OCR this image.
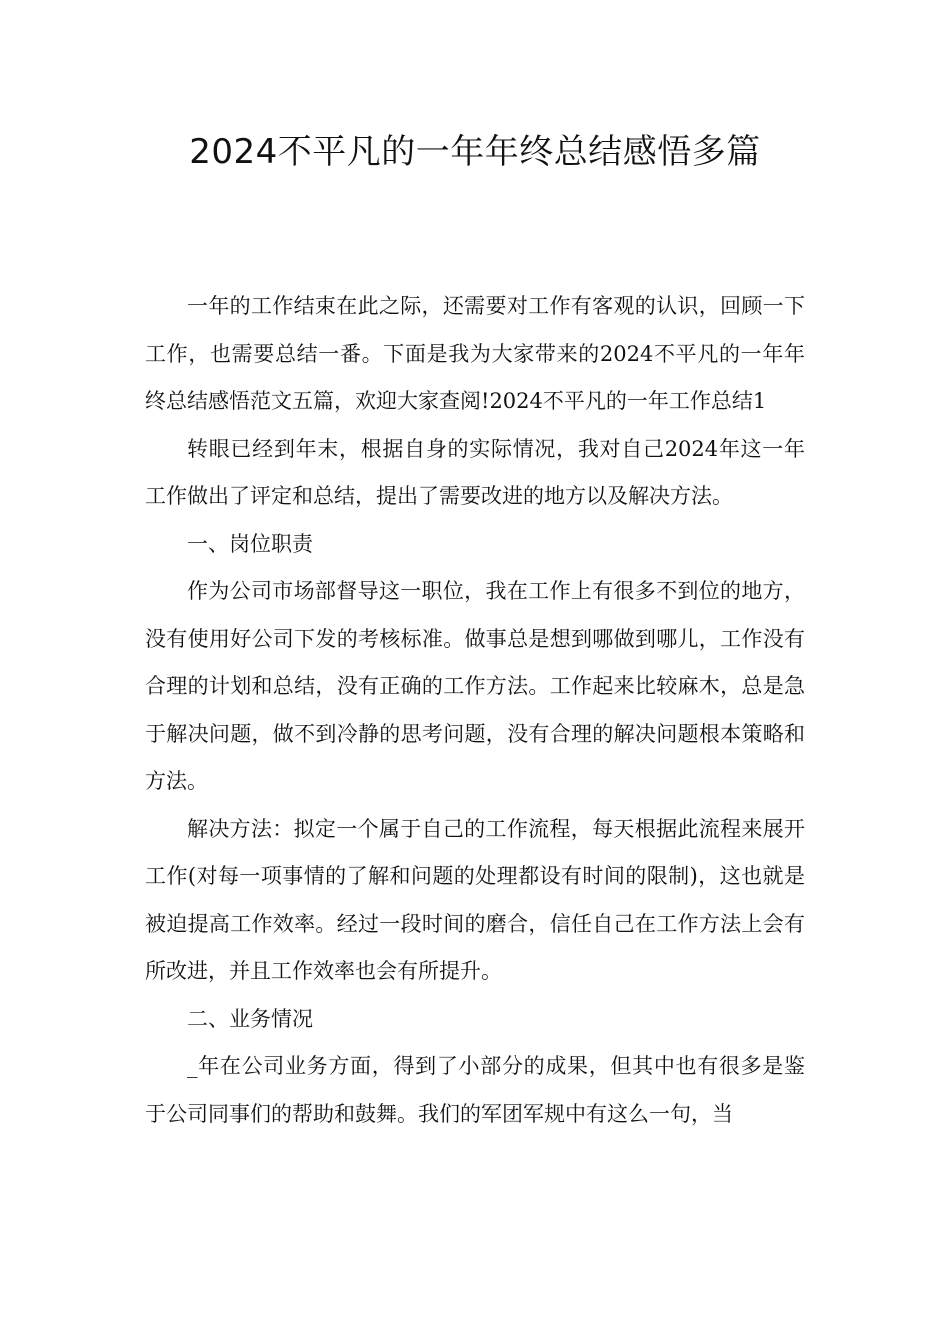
2024不平凡的一年年终总结感悟多篇

一年的工作结束在此之际，还需要对工作有客观的认识，回顾一下工作，也需要总结一番。下面是我为大家带来的2024不平凡的一年年终总结感悟范文五篇，欢迎大家查阅!2024不平凡的一年工作总结1

转眼已经到年末，根据自身的实际情况，我对自己2024年这一年工作做出了评定和总结，提出了需要改进的地方以及解决方法。

一、岗位职责

作为公司市场部督导这一职位，我在工作上有很多不到位的地方，没有使用好公司下发的考核标准。做事总是想到哪做到哪儿，工作没有合理的计划和总结，没有正确的工作方法。工作起来比较麻木，总是急于解决问题，做不到冷静的思考问题，没有合理的解决问题根本策略和方法。

解决方法：拟定一个属于自己的工作流程，每天根据此流程来展开工作(对每一项事情的了解和问题的处理都设有时间的限制)，这也就是被迫提高工作效率。经过一段时间的磨合，信任自己在工作方法上会有所改进，并且工作效率也会有所提升。

二、业务情况

_年在公司业务方面，得到了小部分的成果，但其中也有很多是鉴于公司同事们的帮助和鼓舞。我们的军团军规中有这么一句，当
